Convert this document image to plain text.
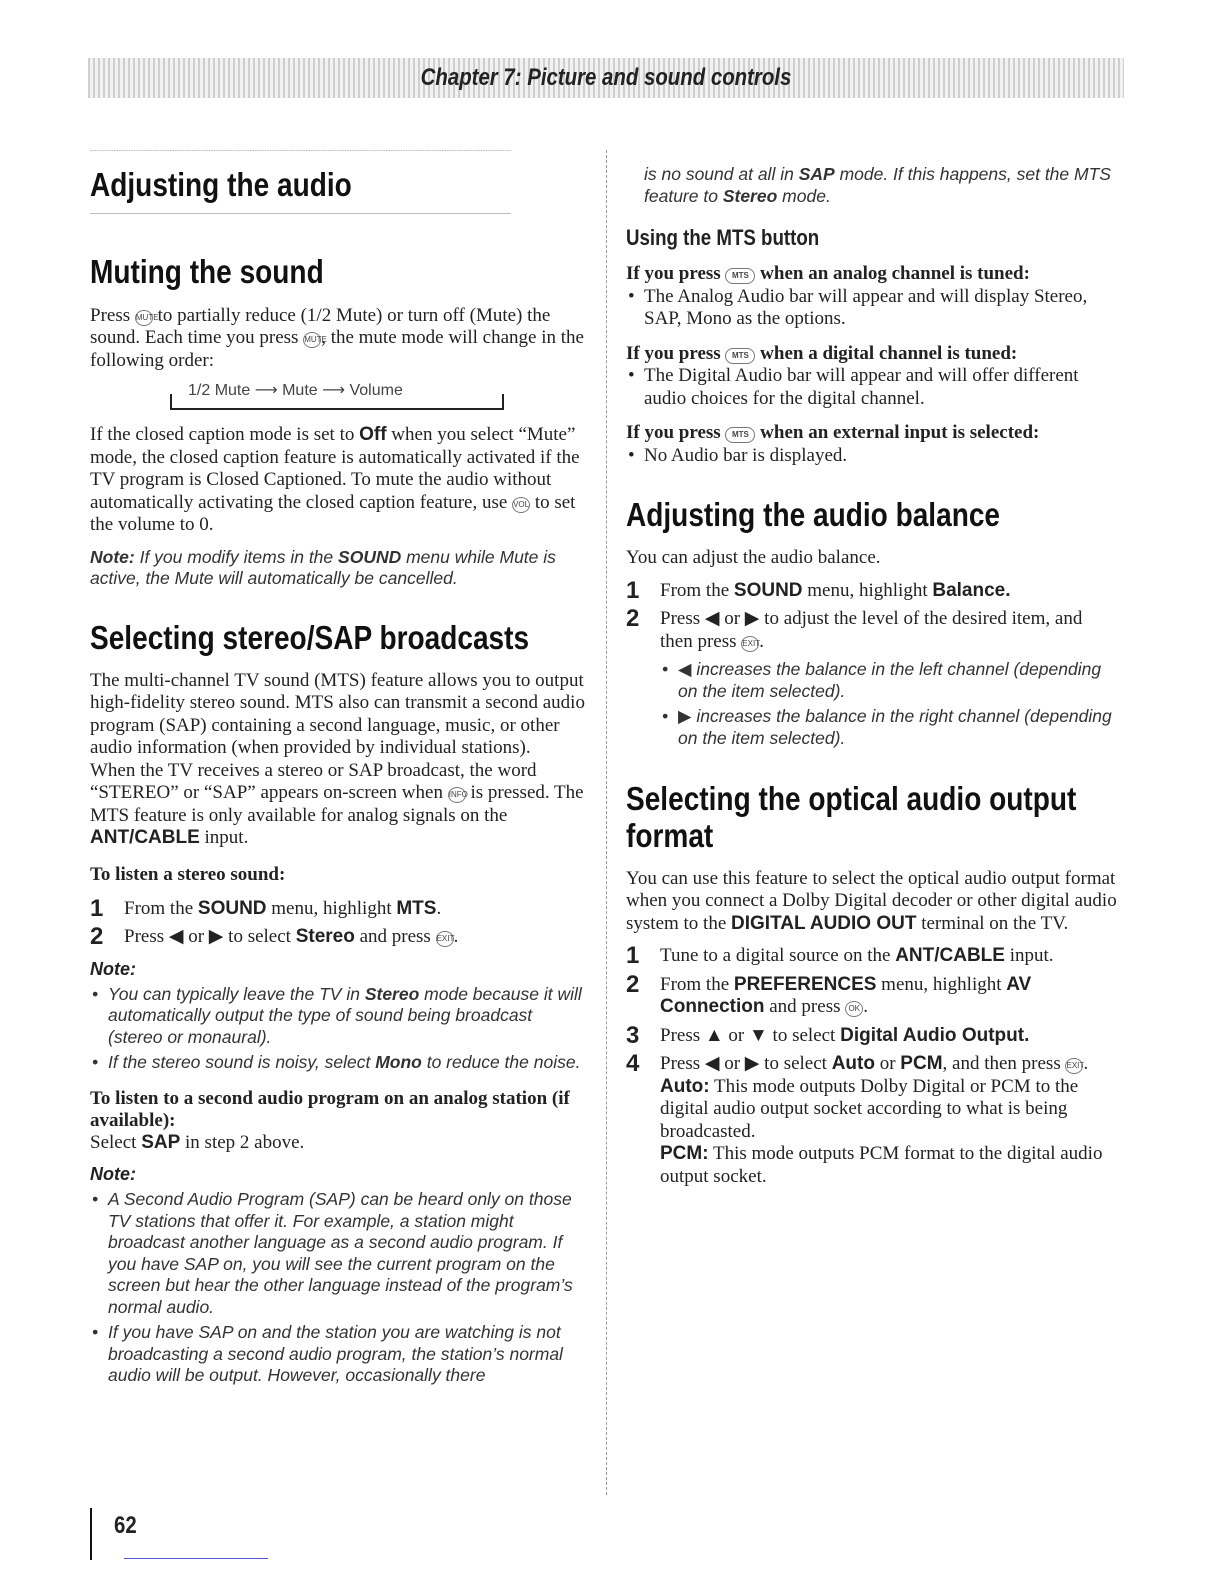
Chapter 7: Picture and sound controls
Adjusting the audio
Muting the sound

Press MUTE to partially reduce (1/2 Mute) or turn off (Mute) the sound. Each time you press MUTE, the mute mode will change in the following order:

1/2 Mute ⟶ Mute ⟶ Volume

If the closed caption mode is set to Off when you select “Mute” mode, the closed caption feature is automatically activated if the TV program is Closed Captioned. To mute the audio without automatically activating the closed caption feature, use VOL to set the volume to 0.

Note: If you modify items in the SOUND menu while Mute is active, the Mute will automatically be cancelled.

Selecting stereo/SAP broadcasts

The multi-channel TV sound (MTS) feature allows you to output high-fidelity stereo sound. MTS also can transmit a second audio program (SAP) containing a second language, music, or other audio information (when provided by individual stations).

When the TV receives a stereo or SAP broadcast, the word “STEREO” or “SAP” appears on-screen when INFO is pressed. The MTS feature is only available for analog signals on the ANT/CABLE input.

To listen a stereo sound:
1	From the SOUND menu, highlight MTS.
2	Press ◀ or ▶ to select Stereo and press EXIT.
Note:
• You can typically leave the TV in Stereo mode because it will automatically output the type of sound being broadcast (stereo or monaural).
• If the stereo sound is noisy, select Mono to reduce the noise.
To listen to a second audio program on an analog station (if available):

Select SAP in step 2 above.

Note:
• A Second Audio Program (SAP) can be heard only on those TV stations that offer it. For example, a station might broadcast another language as a second audio program. If you have SAP on, you will see the current program on the screen but hear the other language instead of the program’s normal audio.
• If you have SAP on and the station you are watching is not broadcasting a second audio program, the station’s normal audio will be output. However, occasionally there

is no sound at all in SAP mode. If this happens, set the MTS feature to Stereo mode.

Using the MTS button

If you press MTS when an analog channel is tuned:

• The Analog Audio bar will appear and will display Stereo, SAP, Mono as the options.

If you press MTS when a digital channel is tuned:

• The Digital Audio bar will appear and will offer different audio choices for the digital channel.

If you press MTS when an external input is selected:

• No Audio bar is displayed.
Adjusting the audio balance

You can adjust the audio balance.

1	From the SOUND menu, highlight Balance.
2	Press ◀ or ▶ to adjust the level of the desired item, and then press EXIT.
• ◀ increases the balance in the left channel (depending on the item selected).
• ▶ increases the balance in the right channel (depending on the item selected).
Selecting the optical audio output format

You can use this feature to select the optical audio output format when you connect a Dolby Digital decoder or other digital audio system to the DIGITAL AUDIO OUT terminal on the TV.

1	Tune to a digital source on the ANT/CABLE input.
2	From the PREFERENCES menu, highlight AV Connection and press OK .
3	Press ▲ or ▼ to select Digital Audio Output.
4	Press ◀ or ▶ to select Auto or PCM, and then press EXIT.
Auto: This mode outputs Dolby Digital or PCM to the digital audio output socket according to what is being broadcasted.
PCM: This mode outputs PCM format to the digital audio output socket.
62
